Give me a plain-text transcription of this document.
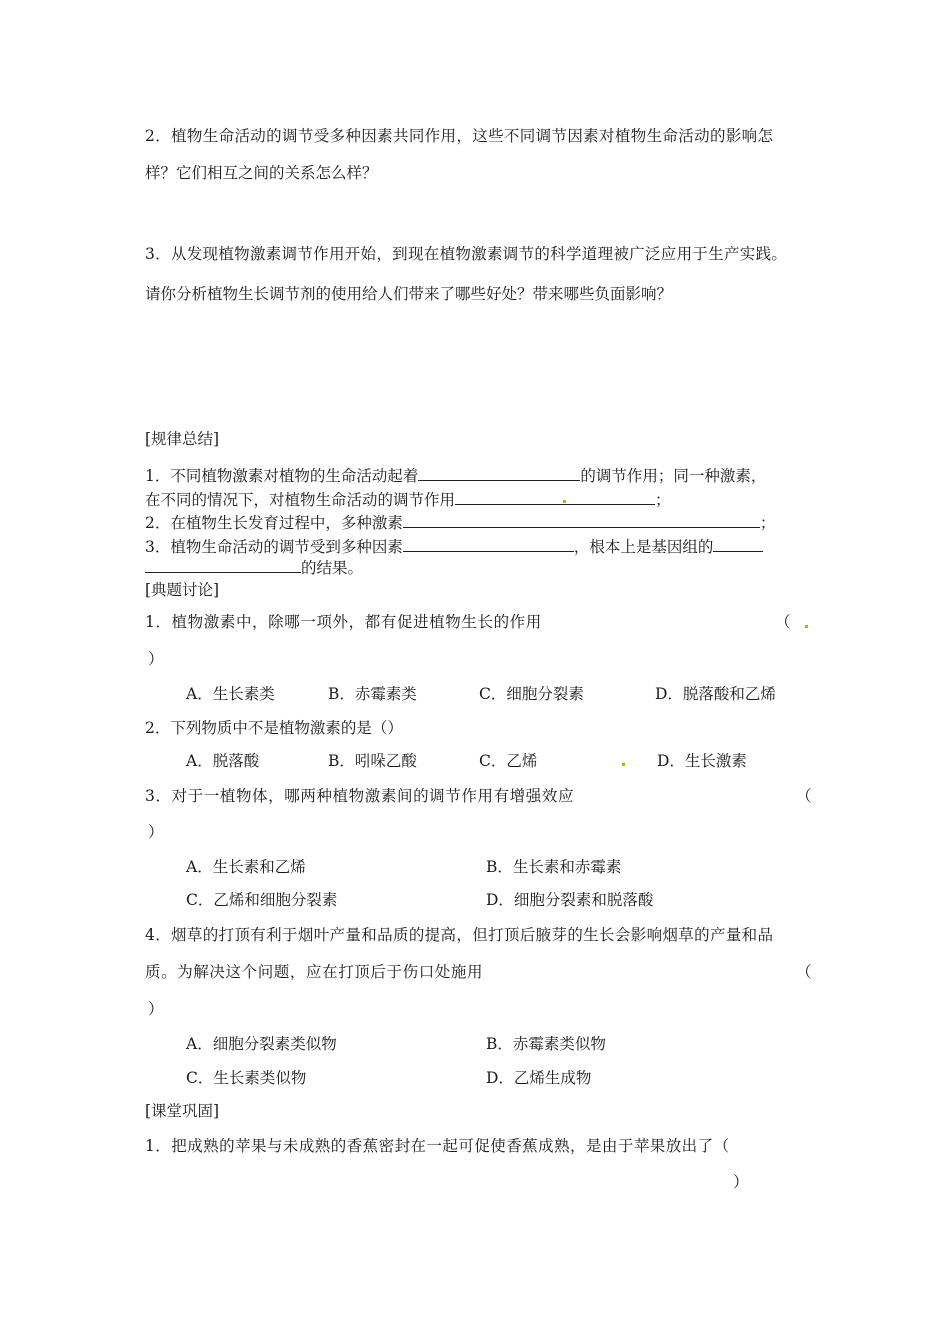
2．植物生命活动的调节受多种因素共同作用，这些不同调节因素对植物生命活动的影响怎
样？它们相互之间的关系怎么样？
3．从发现植物激素调节作用开始，到现在植物激素调节的科学道理被广泛应用于生产实践。
请你分析植物生长调节剂的使用给人们带来了哪些好处？带来哪些负面影响？
[规律总结]
1．不同植物激素对植物的生命活动起着	的调节作用；同一种激素，
在不同的情况下，对植物生命活动的调节作用	；
2．在植物生长发育过程中，多种激素	；
3．植物生命活动的调节受到多种因素	，根本上是基因组的
的结果。
[典题讨论]
1．植物激素中，除哪一项外，都有促进植物生长的作用	（
）
A．生长素类	B．赤霉素类	C．细胞分裂素	D．脱落酸和乙烯
2．下列物质中不是植物激素的是（）
A．脱落酸	B．吲哚乙酸	C．乙烯	D．生长激素
3．对于一植物体，哪两种植物激素间的调节作用有增强效应	（
）
A．生长素和乙烯	B．生长素和赤霉素
C．乙烯和细胞分裂素	D．细胞分裂素和脱落酸
4．烟草的打顶有利于烟叶产量和品质的提高，但打顶后腋芽的生长会影响烟草的产量和品
质。为解决这个问题，应在打顶后于伤口处施用	（
）
A．细胞分裂素类似物	B．赤霉素类似物
C．生长素类似物	D．乙烯生成物
[课堂巩固]
1．把成熟的苹果与未成熟的香蕉密封在一起可促使香蕉成熟，是由于苹果放出了（
）
